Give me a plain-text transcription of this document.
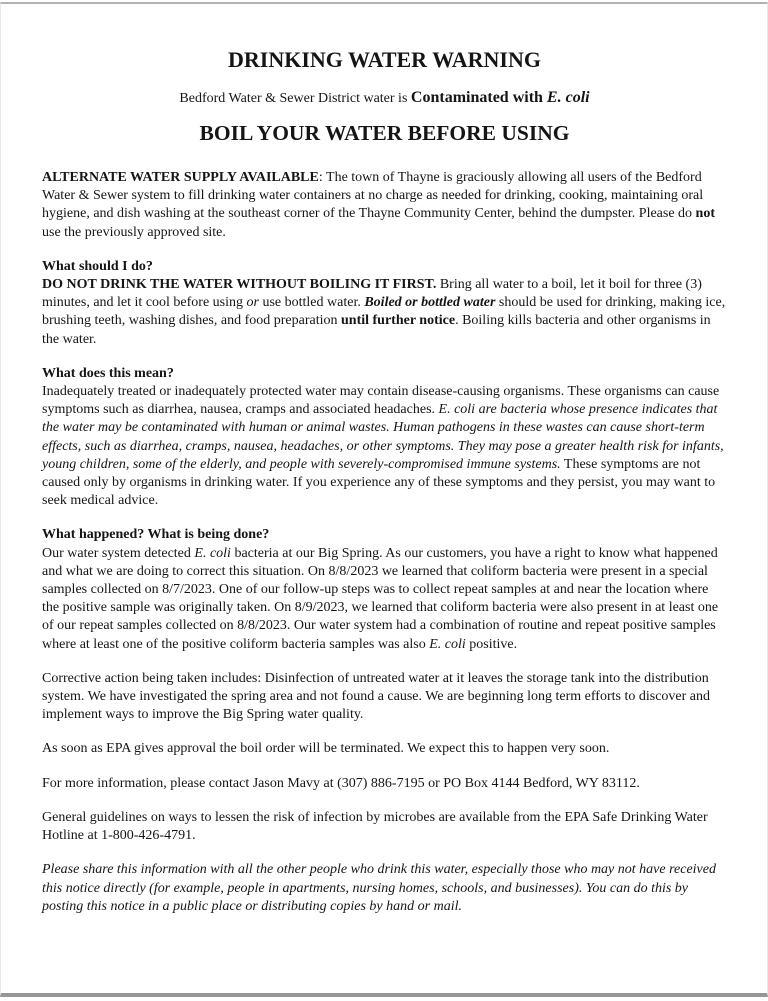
DRINKING WATER WARNING
Bedford Water & Sewer District water is Contaminated with E. coli
BOIL YOUR WATER BEFORE USING

ALTERNATE WATER SUPPLY AVAILABLE: The town of Thayne is graciously allowing all users of the Bedford Water & Sewer system to fill drinking water containers at no charge as needed for drinking, cooking, maintaining oral hygiene, and dish washing at the southeast corner of the Thayne Community Center, behind the dumpster. Please do not use the previously approved site.

What should I do?

DO NOT DRINK THE WATER WITHOUT BOILING IT FIRST. Bring all water to a boil, let it boil for three (3) minutes, and let it cool before using or use bottled water. Boiled or bottled water should be used for drinking, making ice, brushing teeth, washing dishes, and food preparation until further notice. Boiling kills bacteria and other organisms in the water.

What does this mean?

Inadequately treated or inadequately protected water may contain disease-causing organisms. These organisms can cause symptoms such as diarrhea, nausea, cramps and associated headaches. E. coli are bacteria whose presence indicates that the water may be contaminated with human or animal wastes. Human pathogens in these wastes can cause short-term effects, such as diarrhea, cramps, nausea, headaches, or other symptoms. They may pose a greater health risk for infants, young children, some of the elderly, and people with severely-compromised immune systems. These symptoms are not caused only by organisms in drinking water. If you experience any of these symptoms and they persist, you may want to seek medical advice.

What happened? What is being done?

Our water system detected E. coli bacteria at our Big Spring. As our customers, you have a right to know what happened and what we are doing to correct this situation. On 8/8/2023 we learned that coliform bacteria were present in a special samples collected on 8/7/2023. One of our follow-up steps was to collect repeat samples at and near the location where the positive sample was originally taken. On 8/9/2023, we learned that coliform bacteria were also present in at least one of our repeat samples collected on 8/8/2023. Our water system had a combination of routine and repeat positive samples where at least one of the positive coliform bacteria samples was also E. coli positive.

Corrective action being taken includes: Disinfection of untreated water at it leaves the storage tank into the distribution system. We have investigated the spring area and not found a cause. We are beginning long term efforts to discover and implement ways to improve the Big Spring water quality.

As soon as EPA gives approval the boil order will be terminated. We expect this to happen very soon.

For more information, please contact Jason Mavy at (307) 886-7195 or PO Box 4144 Bedford, WY 83112.

General guidelines on ways to lessen the risk of infection by microbes are available from the EPA Safe Drinking Water Hotline at 1-800-426-4791.

Please share this information with all the other people who drink this water, especially those who may not have received this notice directly (for example, people in apartments, nursing homes, schools, and businesses). You can do this by posting this notice in a public place or distributing copies by hand or mail.
